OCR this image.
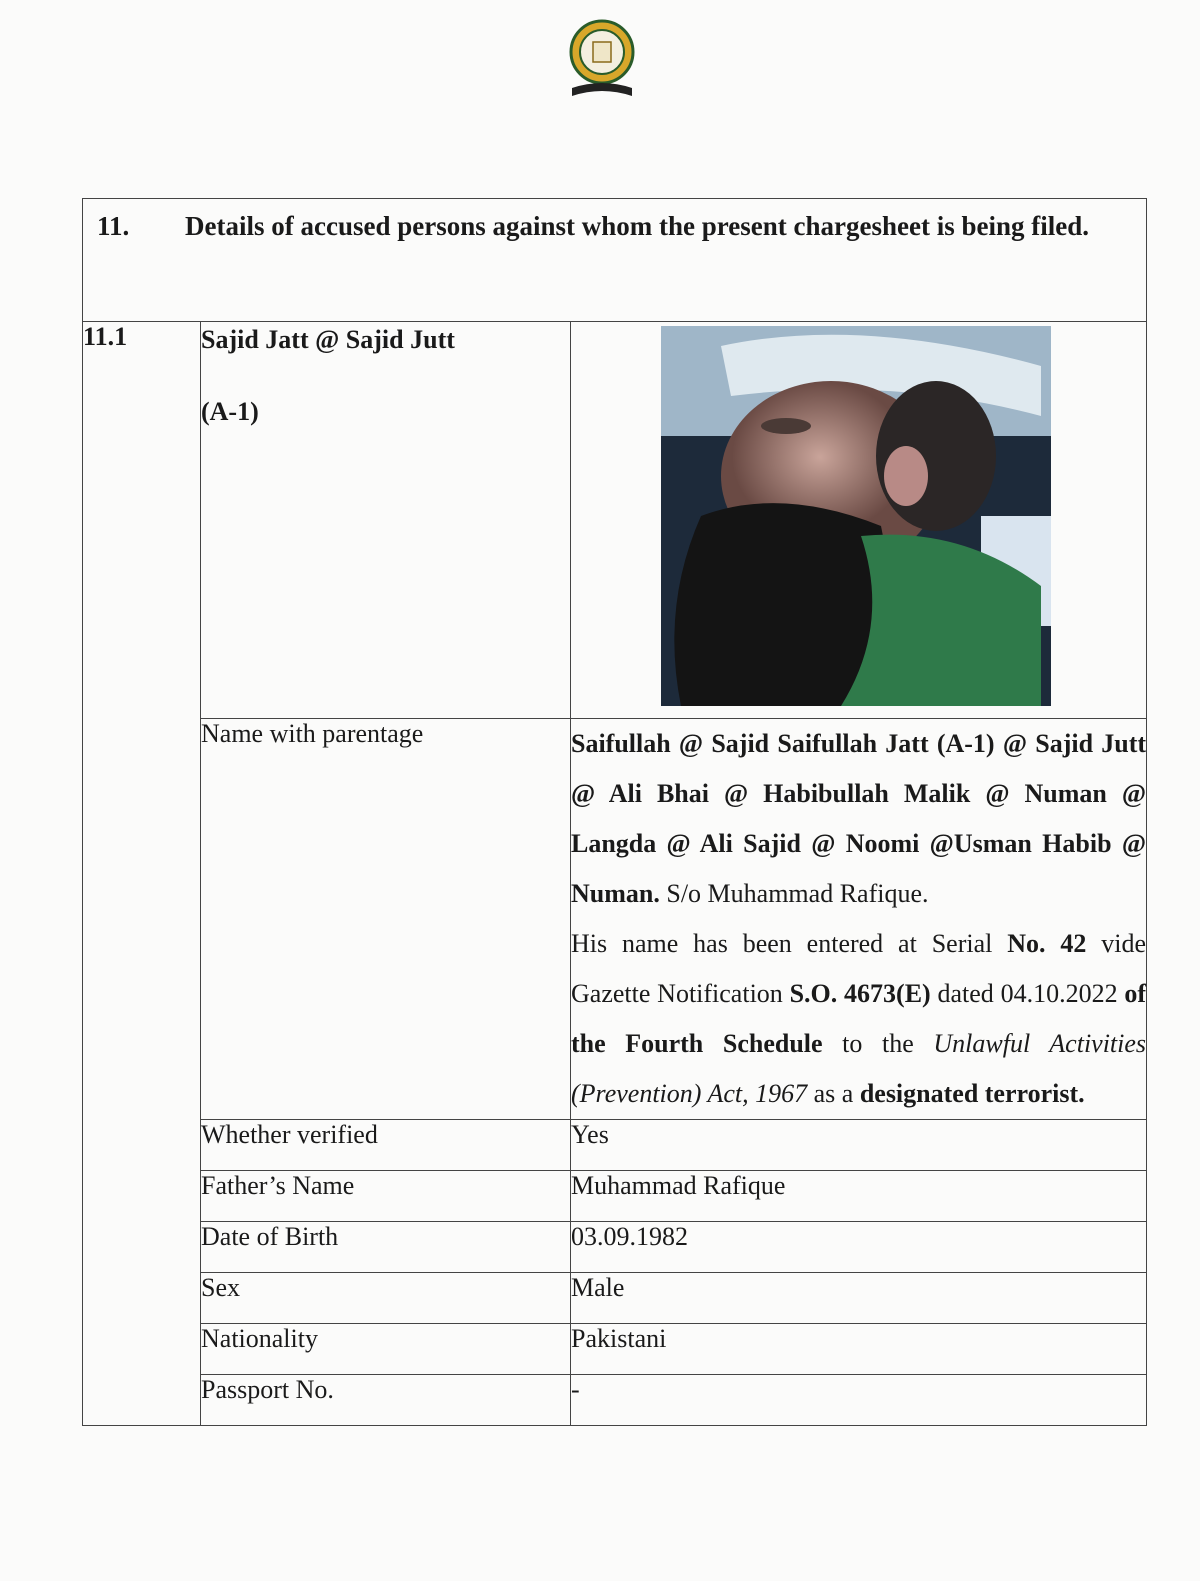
11. Details of accused persons against whom the present chargesheet is being filed.		

11.1	Sajid Jatt @ Sajid Jutt
(A-1)

	Name with parentage	Saifullah @ Sajid Saifullah Jatt (A-1) @ Sajid Jutt @ Ali Bhai @ Habibullah Malik @ Numan @ Langda @ Ali Sajid @ Noomi @Usman Habib @ Numan. S/o Muhammad Rafique.
His name has been entered at Serial No. 42 vide Gazette Notification S.O. 4673(E) dated 04.10.2022 of the Fourth Schedule to the Unlawful Activities (Prevention) Act, 1967 as a designated terrorist.
	Whether verified	Yes
	Father’s Name	Muhammad Rafique
	Date of Birth	03.09.1982
	Sex	Male
	Nationality	Pakistani
	Passport No.	-
